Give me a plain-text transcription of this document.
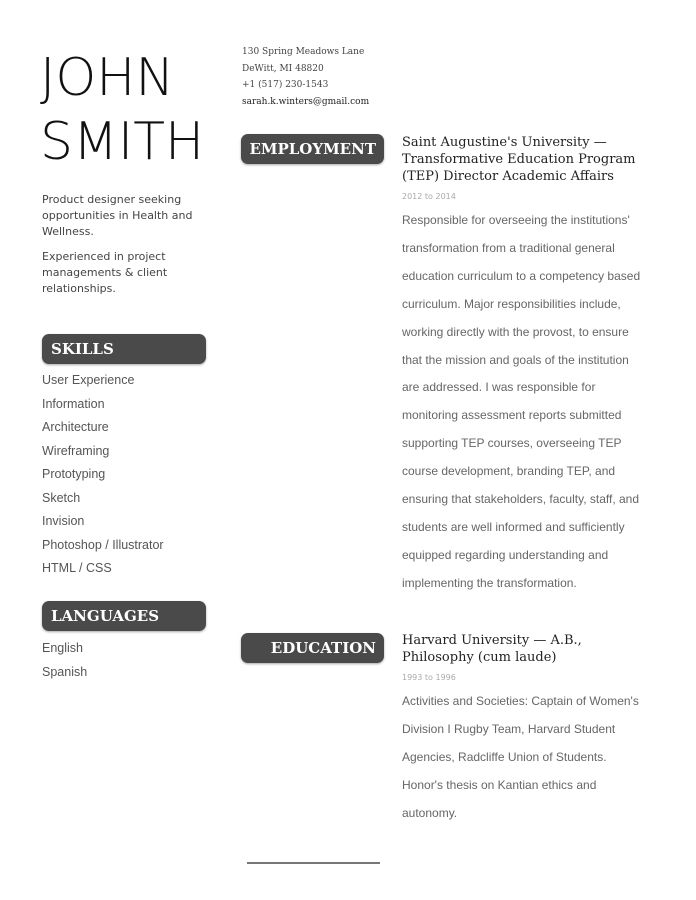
JOHN
SMITH

Product designer seeking
opportunities in Health and
Wellness.

Experienced in project
managements & client
relationships.

130 Spring Meadows Lane
DeWitt, MI 48820
+1 (517) 230-1543
sarah.k.winters@gmail.com
SKILLS
User Experience
Information
Architecture
Wireframing
Prototyping
Sketch
Invision
Photoshop / Illustrator
HTML / CSS
LANGUAGES
English
Spanish
EMPLOYMENT	Saint Augustine's University —
Transformative Education Program
(TEP) Director Academic Affairs
2012 to 2014
Responsible for overseeing the institutions'
transformation from a traditional general
education curriculum to a competency based
curriculum. Major responsibilities include,
working directly with the provost, to ensure
that the mission and goals of the institution
are addressed. I was responsible for
monitoring assessment reports submitted
supporting TEP courses, overseeing TEP
course development, branding TEP, and
ensuring that stakeholders, faculty, staff, and
students are well informed and sufficiently
equipped regarding understanding and
implementing the transformation.
EDUCATION	Harvard University — A.B.,
Philosophy (cum laude)
1993 to 1996
Activities and Societies: Captain of Women's
Division I Rugby Team, Harvard Student
Agencies, Radcliffe Union of Students.
Honor's thesis on Kantian ethics and
autonomy.
